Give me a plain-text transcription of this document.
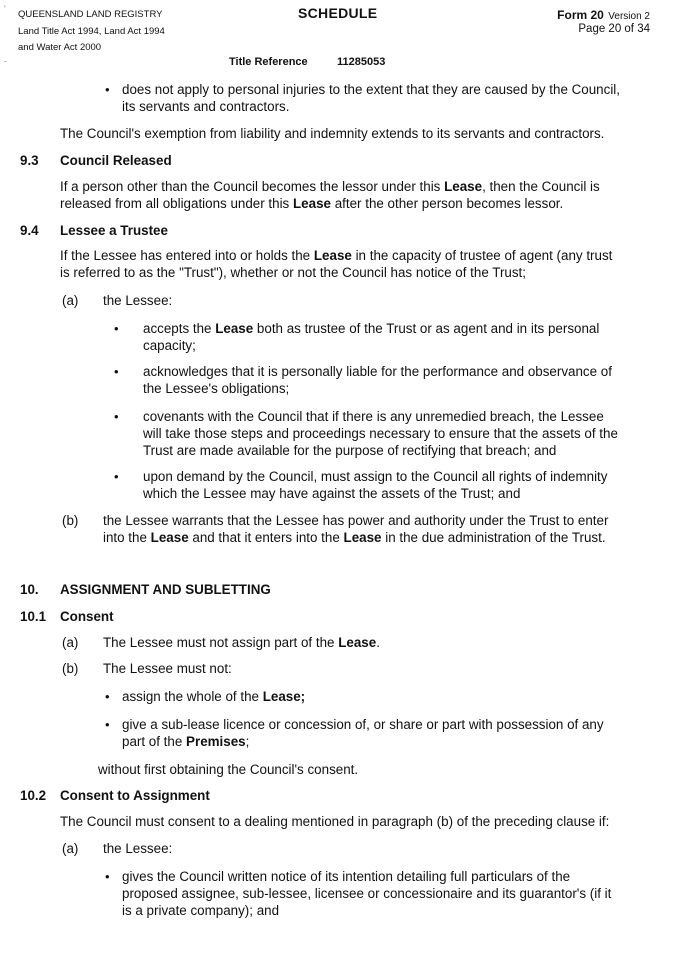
'
-
QUEENSLAND LAND REGISTRY
Land Title Act 1994, Land Act 1994
and Water Act 2000
SCHEDULE	Form 20 Version 2
Page 20 of 34
Title Reference	11285053
• does not apply to personal injuries to the extent that they are caused by the Council,
its servants and contractors.
The Council's exemption from liability and indemnity extends to its servants and contractors.
9.3 Council Released
If a person other than the Council becomes the lessor under this Lease, then the Council is
released from all obligations under this Lease after the other person becomes lessor.
9.4 Lessee a Trustee
If the Lessee has entered into or holds the Lease in the capacity of trustee of agent (any trust
is referred to as the "Trust"), whether or not the Council has notice of the Trust;
(a) the Lessee:
• accepts the Lease both as trustee of the Trust or as agent and in its personal
capacity;
• acknowledges that it is personally liable for the performance and observance of
the Lessee's obligations;
• covenants with the Council that if there is any unremedied breach, the Lessee
will take those steps and proceedings necessary to ensure that the assets of the
Trust are made available for the purpose of rectifying that breach; and
• upon demand by the Council, must assign to the Council all rights of indemnity
which the Lessee may have against the assets of the Trust; and
(b) the Lessee warrants that the Lessee has power and authority under the Trust to enter
into the Lease and that it enters into the Lease in the due administration of the Trust.
10. ASSIGNMENT AND SUBLETTING
10.1 Consent
(a) The Lessee must not assign part of the Lease.
(b) The Lessee must not:
• assign the whole of the Lease;
• give a sub-lease licence or concession of, or share or part with possession of any
part of the Premises;
without first obtaining the Council's consent.
10.2 Consent to Assignment
The Council must consent to a dealing mentioned in paragraph (b) of the preceding clause if:
(a) the Lessee:
• gives the Council written notice of its intention detailing full particulars of the
proposed assignee, sub-lessee, licensee or concessionaire and its guarantor's (if it
is a private company); and
